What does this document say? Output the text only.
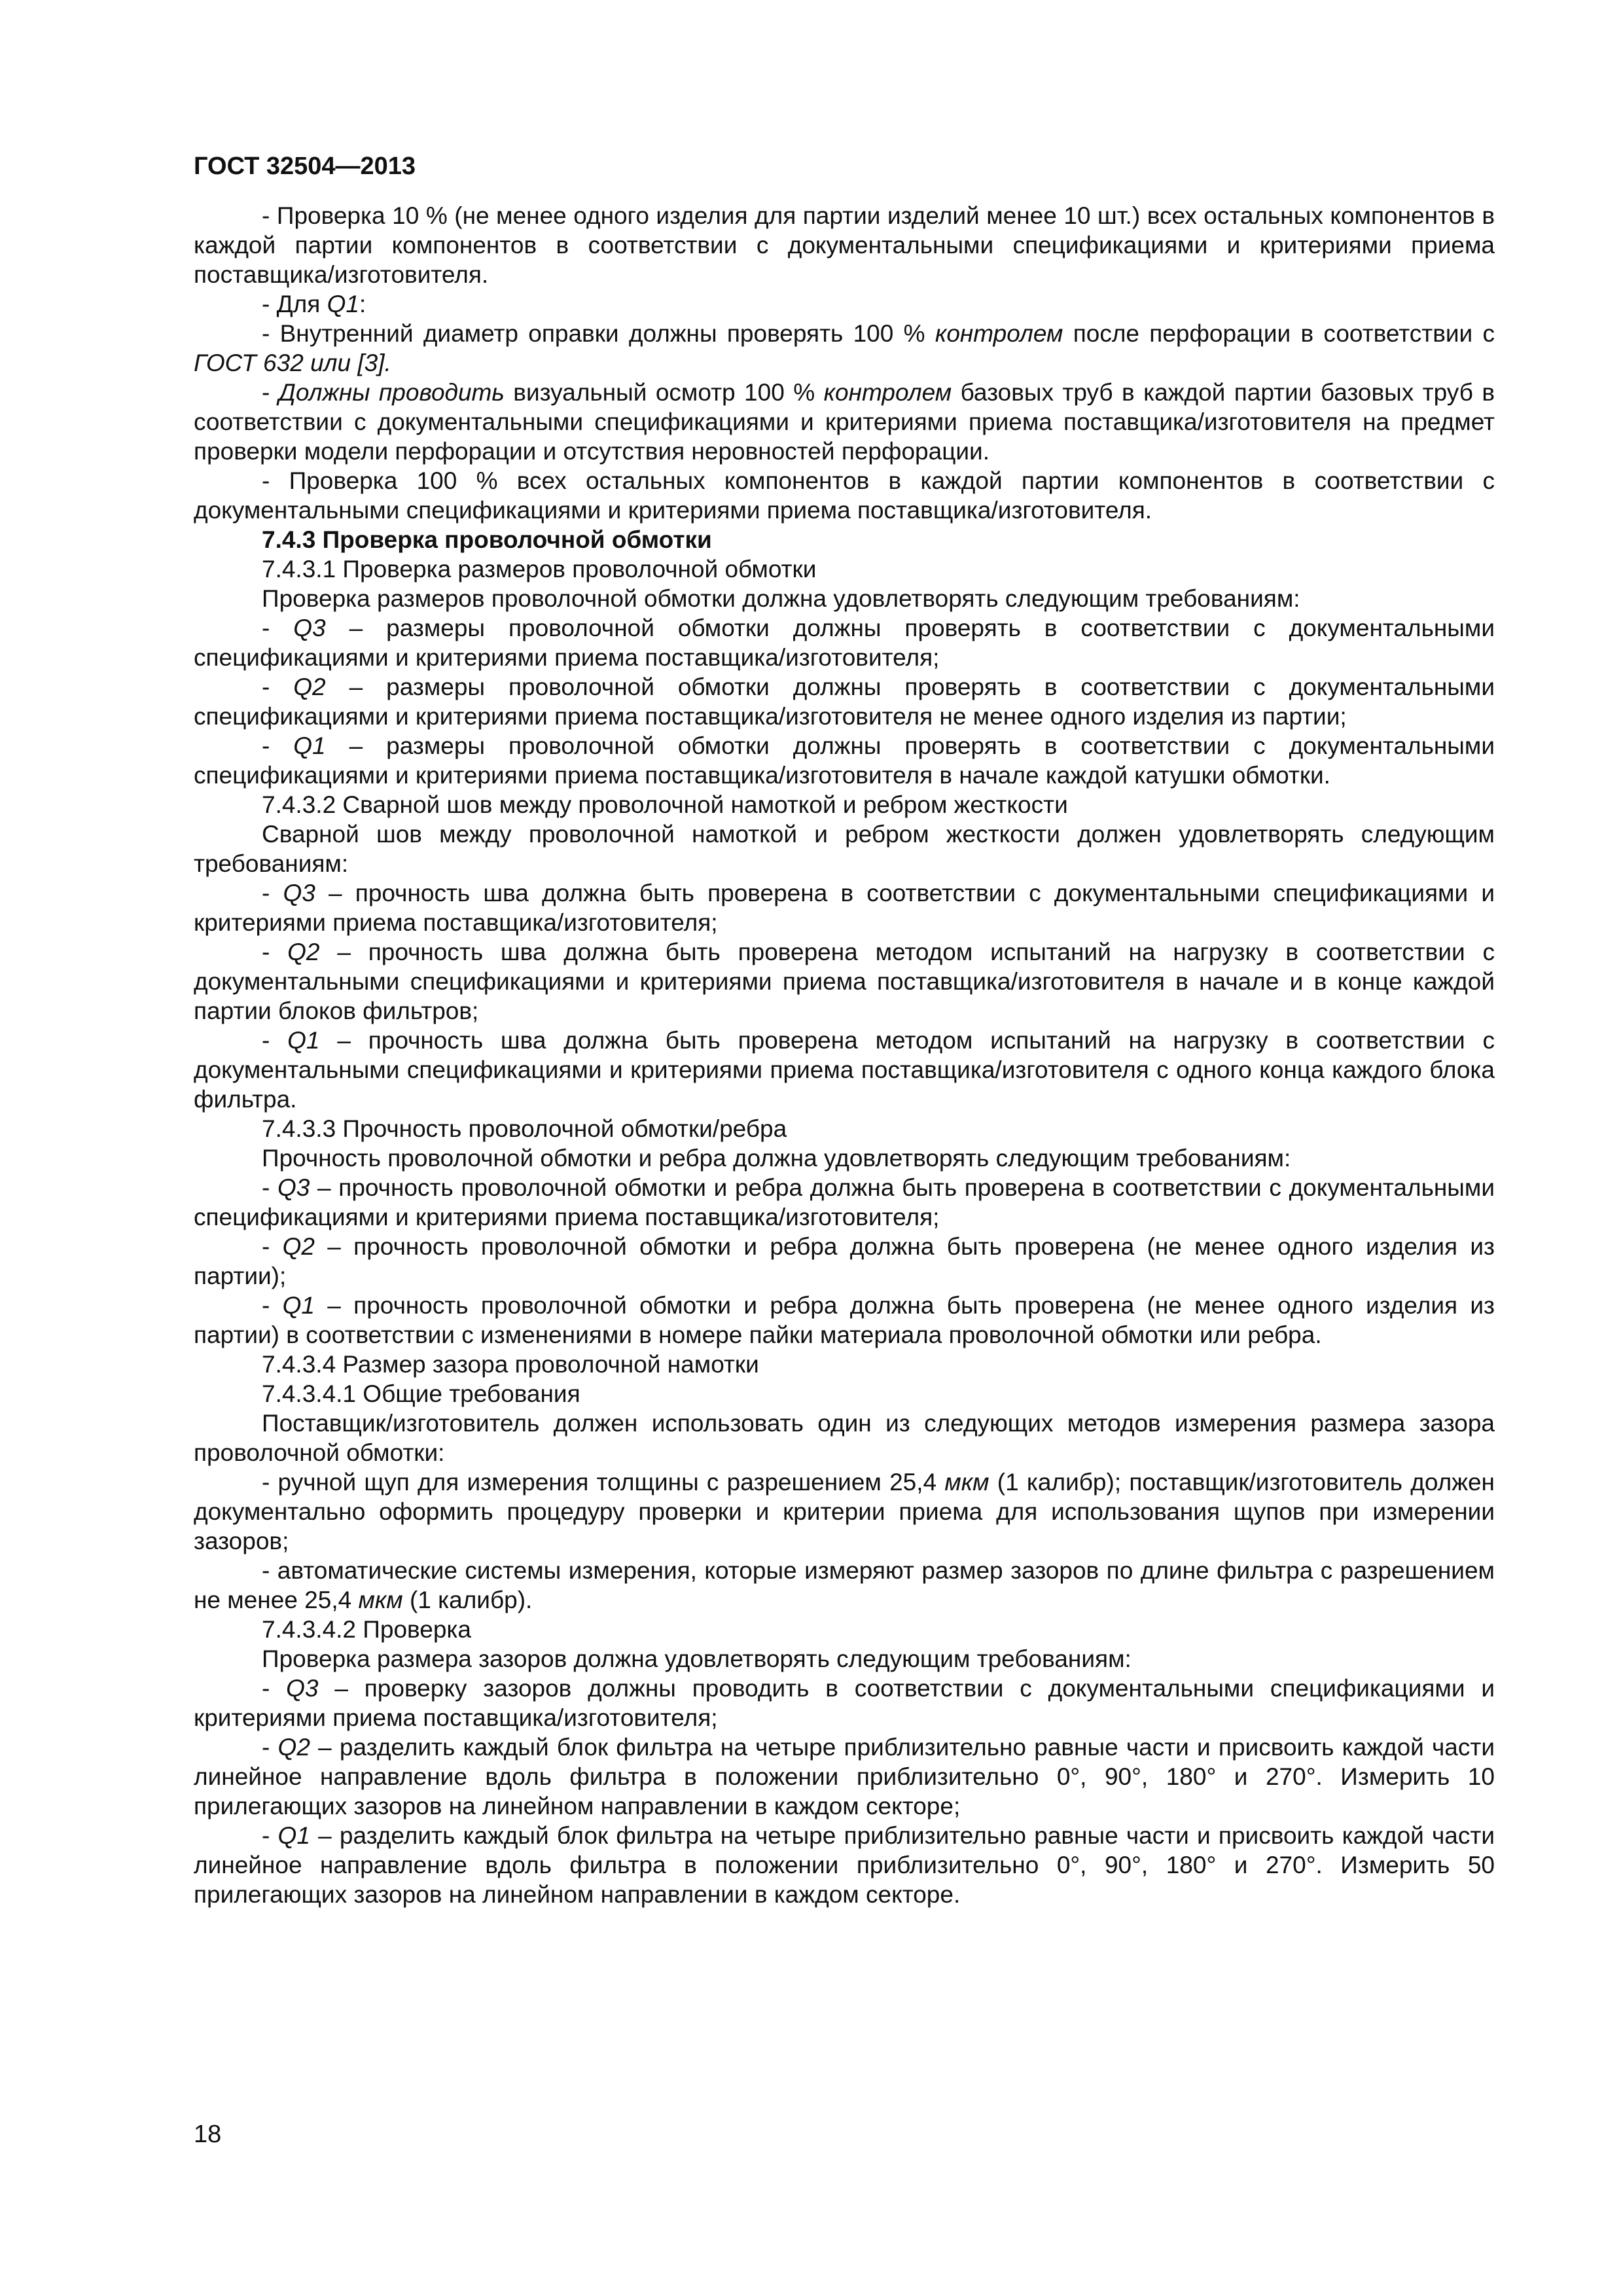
ГОСТ 32504—2013

- Проверка 10 % (не менее одного изделия для партии изделий менее 10 шт.) всех остальных компонентов в каждой партии компонентов в соответствии с документальными спецификациями и критериями приема поставщика/изготовителя.

- Для Q1:

- Внутренний диаметр оправки должны проверять 100 % контролем после перфорации в соответствии с ГОСТ 632 или [3].

- Должны проводить визуальный осмотр 100 % контролем базовых труб в каждой партии базовых труб в соответствии с документальными спецификациями и критериями приема поставщика/изготовителя на предмет проверки модели перфорации и отсутствия неровностей перфорации.

- Проверка 100 % всех остальных компонентов в каждой партии компонентов в соответствии с документальными спецификациями и критериями приема поставщика/изготовителя.

7.4.3 Проверка проволочной обмотки

7.4.3.1 Проверка размеров проволочной обмотки

Проверка размеров проволочной обмотки должна удовлетворять следующим требованиям:

- Q3 – размеры проволочной обмотки должны проверять в соответствии с документальными спецификациями и критериями приема поставщика/изготовителя;

- Q2 – размеры проволочной обмотки должны проверять в соответствии с документальными спецификациями и критериями приема поставщика/изготовителя не менее одного изделия из партии;

- Q1 – размеры проволочной обмотки должны проверять в соответствии с документальными спецификациями и критериями приема поставщика/изготовителя в начале каждой катушки обмотки.

7.4.3.2 Сварной шов между проволочной намоткой и ребром жесткости

Сварной шов между проволочной намоткой и ребром жесткости должен удовлетворять следующим требованиям:

- Q3 – прочность шва должна быть проверена в соответствии с документальными спецификациями и критериями приема поставщика/изготовителя;

- Q2 – прочность шва должна быть проверена методом испытаний на нагрузку в соответствии с документальными спецификациями и критериями приема поставщика/изготовителя в начале и в конце каждой партии блоков фильтров;

- Q1 – прочность шва должна быть проверена методом испытаний на нагрузку в соответствии с документальными спецификациями и критериями приема поставщика/изготовителя с одного конца каждого блока фильтра.

7.4.3.3 Прочность проволочной обмотки/ребра

Прочность проволочной обмотки и ребра должна удовлетворять следующим требованиям:

- Q3 – прочность проволочной обмотки и ребра должна быть проверена в соответствии с документальными спецификациями и критериями приема поставщика/изготовителя;

- Q2 – прочность проволочной обмотки и ребра должна быть проверена (не менее одного изделия из партии);

- Q1 – прочность проволочной обмотки и ребра должна быть проверена (не менее одного изделия из партии) в соответствии с изменениями в номере пайки материала проволочной обмотки или ребра.

7.4.3.4 Размер зазора проволочной намотки

7.4.3.4.1 Общие требования

Поставщик/изготовитель должен использовать один из следующих методов измерения размера зазора проволочной обмотки:

- ручной щуп для измерения толщины с разрешением 25,4 мкм (1 калибр); поставщик/изготовитель должен документально оформить процедуру проверки и критерии приема для использования щупов при измерении зазоров;

- автоматические системы измерения, которые измеряют размер зазоров по длине фильтра с разрешением не менее 25,4 мкм (1 калибр).

7.4.3.4.2 Проверка

Проверка размера зазоров должна удовлетворять следующим требованиям:

- Q3 – проверку зазоров должны проводить в соответствии с документальными спецификациями и критериями приема поставщика/изготовителя;

- Q2 – разделить каждый блок фильтра на четыре приблизительно равные части и присвоить каждой части линейное направление вдоль фильтра в положении приблизительно 0°, 90°, 180° и 270°. Измерить 10 прилегающих зазоров на линейном направлении в каждом секторе;

- Q1 – разделить каждый блок фильтра на четыре приблизительно равные части и присвоить каждой части линейное направление вдоль фильтра в положении приблизительно 0°, 90°, 180° и 270°. Измерить 50 прилегающих зазоров на линейном направлении в каждом секторе.

18
